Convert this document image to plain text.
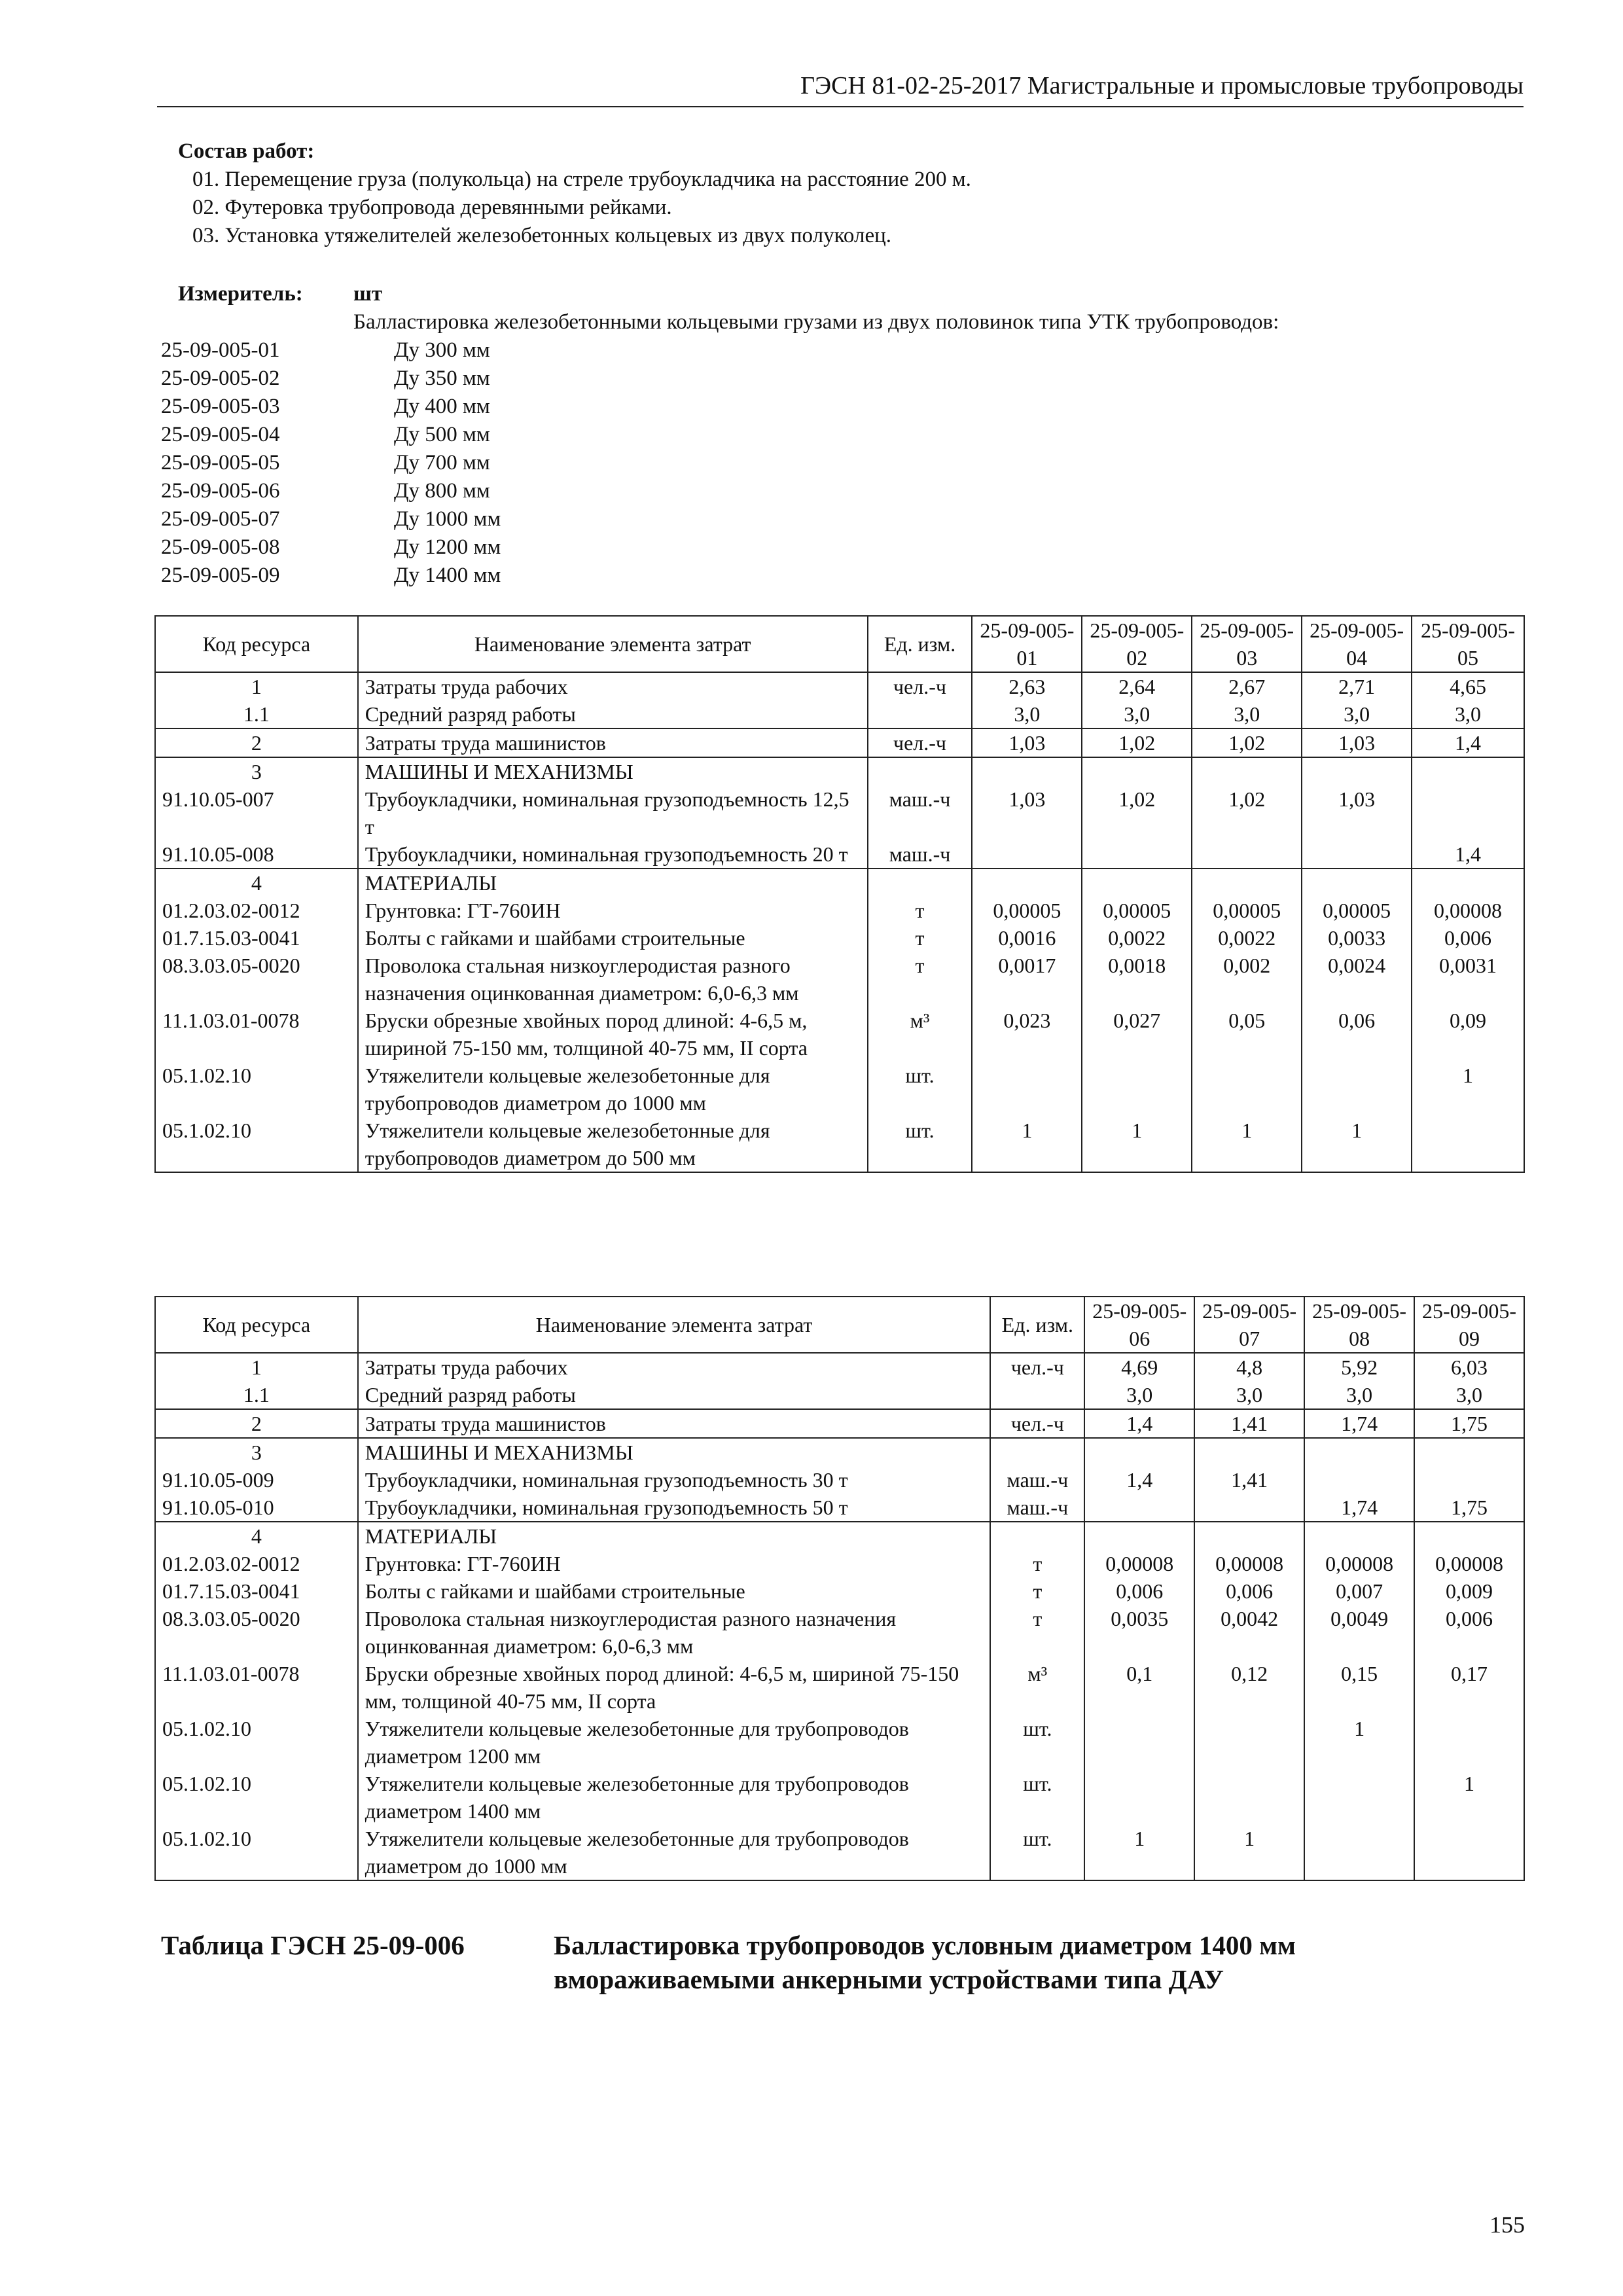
ГЭСН 81-02-25-2017 Магистральные и промысловые трубопроводы
Состав работ:
01. Перемещение груза (полукольца) на стреле трубоукладчика на расстояние 200 м.
02. Футеровка трубопровода деревянными рейками.
03. Установка утяжелителей железобетонных кольцевых из двух полуколец.
Измеритель:	шт
Балластировка железобетонными кольцевыми грузами из двух половинок типа УТК трубопроводов:
25-09-005-01	Ду 300 мм
25-09-005-02	Ду 350 мм
25-09-005-03	Ду 400 мм
25-09-005-04	Ду 500 мм
25-09-005-05	Ду 700 мм
25-09-005-06	Ду 800 мм
25-09-005-07	Ду 1000 мм
25-09-005-08	Ду 1200 мм
25-09-005-09	Ду 1400 мм
Код ресурса	Наименование элемента затрат	Ед. изм.	25-09-005-01	25-09-005-02	25-09-005-03	25-09-005-04	25-09-005-05
1	Затраты труда рабочих	чел.-ч	2,63	2,64	2,67	2,71	4,65
1.1	Средний разряд работы		3,0	3,0	3,0	3,0	3,0
2	Затраты труда машинистов	чел.-ч	1,03	1,02	1,02	1,03	1,4
3	МАШИНЫ И МЕХАНИЗМЫ						
91.10.05-007	Трубоукладчики, номинальная грузоподъемность 12,5 т	маш.-ч	1,03	1,02	1,02	1,03	
91.10.05-008	Трубоукладчики, номинальная грузоподъемность 20 т	маш.-ч					1,4
4	МАТЕРИАЛЫ						
01.2.03.02-0012	Грунтовка: ГТ-760ИН	т	0,00005	0,00005	0,00005	0,00005	0,00008
01.7.15.03-0041	Болты с гайками и шайбами строительные	т	0,0016	0,0022	0,0022	0,0033	0,006
08.3.03.05-0020	Проволока стальная низкоуглеродистая разного назначения оцинкованная диаметром: 6,0-6,3 мм	т	0,0017	0,0018	0,002	0,0024	0,0031
11.1.03.01-0078	Бруски обрезные хвойных пород длиной: 4-6,5 м, шириной 75-150 мм, толщиной 40-75 мм, II сорта	м³	0,023	0,027	0,05	0,06	0,09
05.1.02.10	Утяжелители кольцевые железобетонные для трубопроводов диаметром до 1000 мм	шт.					1
05.1.02.10	Утяжелители кольцевые железобетонные для трубопроводов диаметром до 500 мм	шт.	1	1	1	1	
Код ресурса	Наименование элемента затрат	Ед. изм.	25-09-005-06	25-09-005-07	25-09-005-08	25-09-005-09
1	Затраты труда рабочих	чел.-ч	4,69	4,8	5,92	6,03
1.1	Средний разряд работы		3,0	3,0	3,0	3,0
2	Затраты труда машинистов	чел.-ч	1,4	1,41	1,74	1,75
3	МАШИНЫ И МЕХАНИЗМЫ					
91.10.05-009	Трубоукладчики, номинальная грузоподъемность 30 т	маш.-ч	1,4	1,41		
91.10.05-010	Трубоукладчики, номинальная грузоподъемность 50 т	маш.-ч			1,74	1,75
4	МАТЕРИАЛЫ					
01.2.03.02-0012	Грунтовка: ГТ-760ИН	т	0,00008	0,00008	0,00008	0,00008
01.7.15.03-0041	Болты с гайками и шайбами строительные	т	0,006	0,006	0,007	0,009
08.3.03.05-0020	Проволока стальная низкоуглеродистая разного назначения оцинкованная диаметром: 6,0-6,3 мм	т	0,0035	0,0042	0,0049	0,006
11.1.03.01-0078	Бруски обрезные хвойных пород длиной: 4-6,5 м, шириной 75-150 мм, толщиной 40-75 мм, II сорта	м³	0,1	0,12	0,15	0,17
05.1.02.10	Утяжелители кольцевые железобетонные для трубопроводов диаметром 1200 мм	шт.			1	
05.1.02.10	Утяжелители кольцевые железобетонные для трубопроводов диаметром 1400 мм	шт.				1
05.1.02.10	Утяжелители кольцевые железобетонные для трубопроводов диаметром до 1000 мм	шт.	1	1		
Таблица ГЭСН 25-09-006	Балластировка трубопроводов условным диаметром 1400 мм вмораживаемыми анкерными устройствами типа ДАУ
155
